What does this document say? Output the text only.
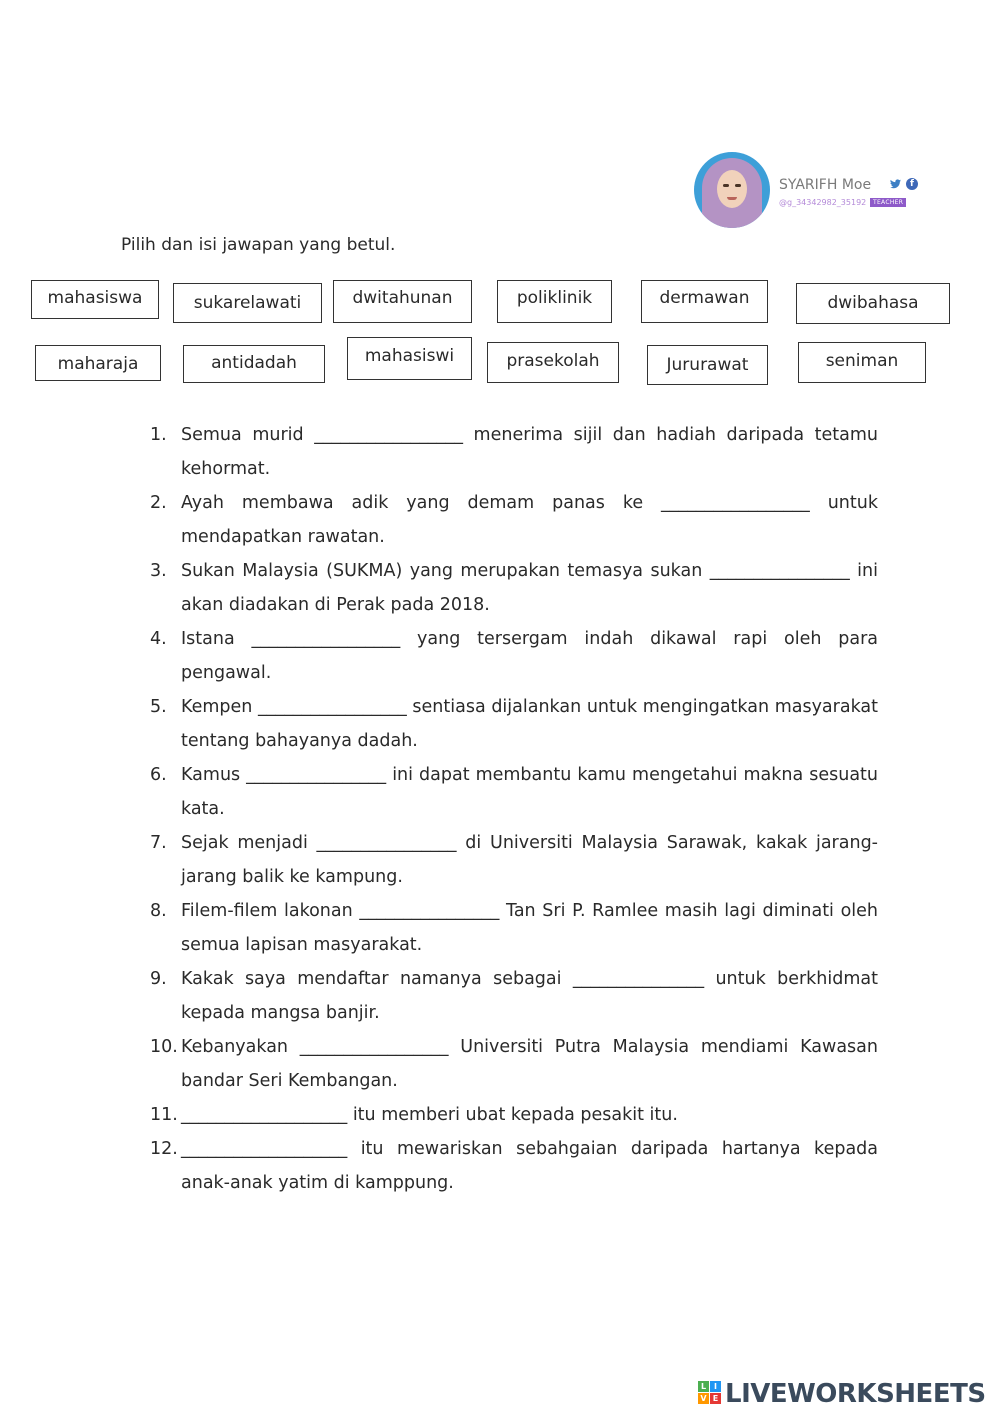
SYARIFH Moe	f
@g_34342982_35192	TEACHER
Pilih dan isi jawapan yang betul.
mahasiswa	sukarelawati	dwitahunan	poliklinik	dermawan	dwibahasa
maharaja	antidadah	mahasiswi	prasekolah	Jururawat	seniman
1. Semua murid _________________ menerima sijil dan hadiah daripada tetamu kehormat.
2. Ayah membawa adik yang demam panas ke _________________ untuk mendapatkan rawatan.
3. Sukan Malaysia (SUKMA) yang merupakan temasya sukan ________________ ini akan diadakan di Perak pada 2018.
4. Istana _________________ yang tersergam indah dikawal rapi oleh para pengawal.
5. Kempen _________________ sentiasa dijalankan untuk mengingatkan masyarakat tentang bahayanya dadah.
6. Kamus ________________ ini dapat membantu kamu mengetahui makna sesuatu kata.
7. Sejak menjadi ________________ di Universiti Malaysia Sarawak, kakak jarang-jarang balik ke kampung.
8. Filem-filem lakonan ________________ Tan Sri P. Ramlee masih lagi diminati oleh semua lapisan masyarakat.
9. Kakak saya mendaftar namanya sebagai _______________ untuk berkhidmat kepada mangsa banjir.
10. Kebanyakan _________________ Universiti Putra Malaysia mendiami Kawasan bandar Seri Kembangan.
11. ___________________ itu memberi ubat kepada pesakit itu.
12. ___________________ itu mewariskan sebahgaian daripada hartanya kepada anak-anak yatim di kamppung.
L I
V E LIVEWORKSHEETS
